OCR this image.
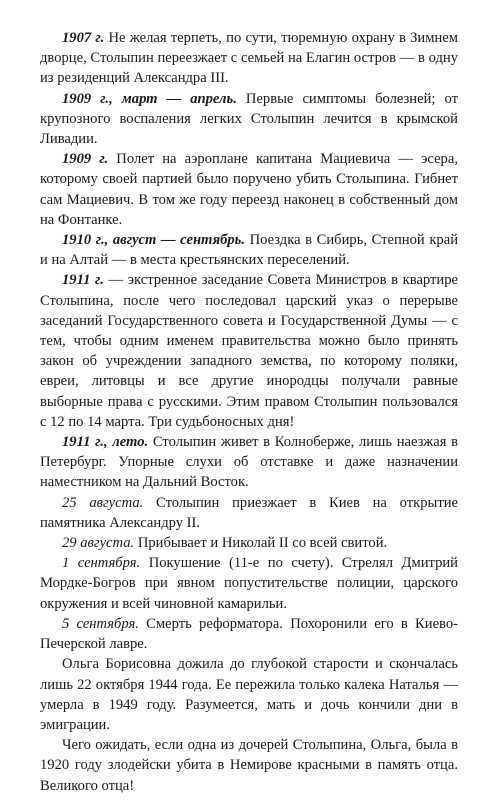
1907 г. Не желая терпеть, по сути, тюремную охрану в Зимнем дворце, Столыпин переезжает с семьей на Елагин остров — в одну из резиденций Александра III.

1909 г., март — апрель. Первые симптомы болезней; от крупозного воспаления легких Столыпин лечится в крымской Ливадии.

1909 г. Полет на аэроплане капитана Мациевича — эсера, которому своей партией было поручено убить Столыпина. Гибнет сам Мациевич. В том же году переезд наконец в собственный дом на Фонтанке.

1910 г., август — сентябрь. Поездка в Сибирь, Степной край и на Алтай — в места крестьянских переселений.

1911 г. — экстренное заседание Совета Министров в квартире Столыпина, после чего последовал царский указ о перерыве заседаний Государственного совета и Государственной Думы — с тем, чтобы одним именем правительства можно было принять закон об учреждении западного земства, по которому поляки, евреи, литовцы и все другие инородцы получали равные выборные права с русскими. Этим правом Столыпин пользовался с 12 по 14 марта. Три судьбоносных дня!

1911 г., лето. Столыпин живет в Колноберже, лишь наезжая в Петербург. Упорные слухи об отставке и даже назначении наместником на Дальний Восток.

25 августа. Столыпин приезжает в Киев на открытие памятника Александру II.

29 августа. Прибывает и Николай II со всей свитой.

1 сентября. Покушение (11-е по счету). Стрелял Дмитрий Мордке-Богров при явном попустительстве полиции, царского окружения и всей чиновной камарильи.

5 сентября. Смерть реформатора. Похоронили его в Киево-Печерской лавре.

Ольга Борисовна дожила до глубокой старости и скончалась лишь 22 октября 1944 года. Ее пережила только калека Наталья — умерла в 1949 году. Разумеется, мать и дочь кончили дни в эмиграции.

Чего ожидать, если одна из дочерей Столыпина, Ольга, была в 1920 году злодейски убита в Немирове красными в память отца. Великого отца!
